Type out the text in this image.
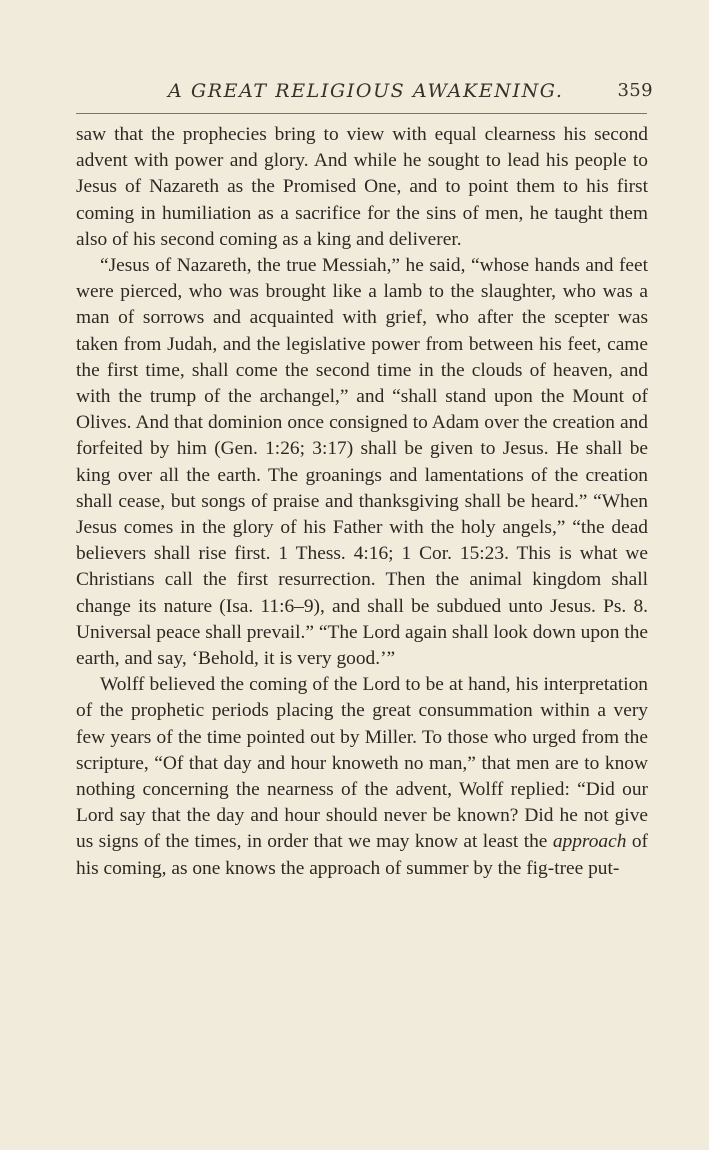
A GREAT RELIGIOUS AWAKENING.	359

saw that the prophecies bring to view with equal clearness his second advent with power and glory. And while he sought to lead his people to Jesus of Nazareth as the Promised One, and to point them to his first coming in humiliation as a sacrifice for the sins of men, he taught them also of his second coming as a king and deliverer.

“Jesus of Nazareth, the true Messiah,” he said, “whose hands and feet were pierced, who was brought like a lamb to the slaughter, who was a man of sorrows and acquainted with grief, who after the scepter was taken from Judah, and the legislative power from between his feet, came the first time, shall come the second time in the clouds of heaven, and with the trump of the archangel,” and “shall stand upon the Mount of Olives. And that dominion once consigned to Adam over the creation and forfeited by him (Gen. 1:26; 3:17) shall be given to Jesus. He shall be king over all the earth. The groanings and lamentations of the creation shall cease, but songs of praise and thanksgiving shall be heard.” “When Jesus comes in the glory of his Father with the holy angels,” “the dead believers shall rise first. 1 Thess. 4:16; 1 Cor. 15:23. This is what we Christians call the first resurrection. Then the animal kingdom shall change its nature (Isa. 11:6–9), and shall be subdued unto Jesus. Ps. 8. Universal peace shall prevail.” “The Lord again shall look down upon the earth, and say, ‘Behold, it is very good.’”

Wolff believed the coming of the Lord to be at hand, his interpretation of the prophetic periods placing the great consummation within a very few years of the time pointed out by Miller. To those who urged from the scripture, “Of that day and hour knoweth no man,” that men are to know nothing concerning the nearness of the advent, Wolff replied: “Did our Lord say that the day and hour should never be known? Did he not give us signs of the times, in order that we may know at least the approach of his coming, as one knows the approach of summer by the fig-tree put-
